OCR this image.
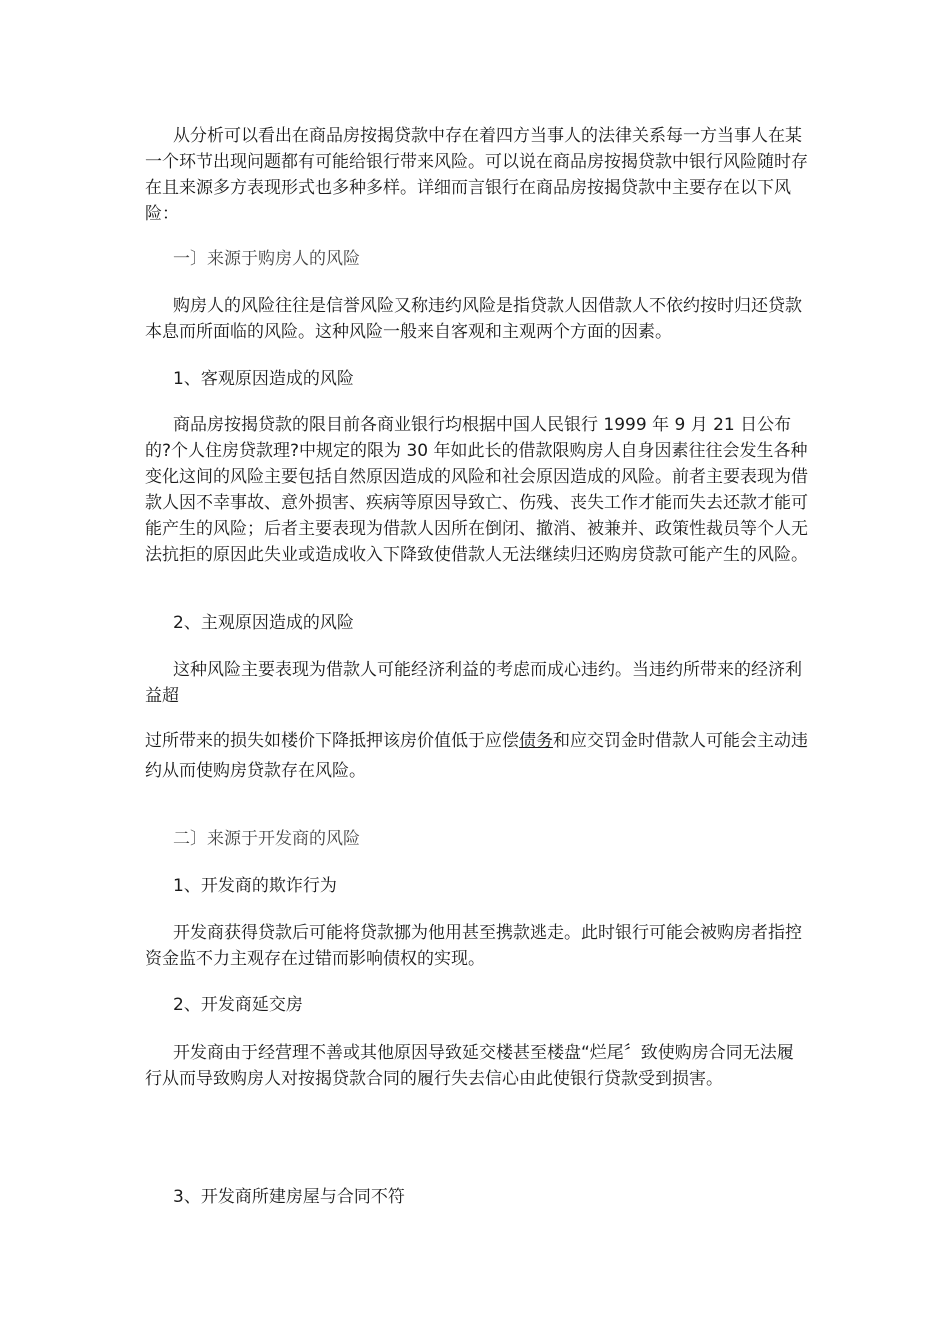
从分析可以看出在商品房按揭贷款中存在着四方当事人的法律关系每一方当事人在某一个环节出现问题都有可能给银行带来风险。可以说在商品房按揭贷款中银行风险随时存在且来源多方表现形式也多种多样。详细而言银行在商品房按揭贷款中主要存在以下风险：

一〕来源于购房人的风险

购房人的风险往往是信誉风险又称违约风险是指贷款人因借款人不依约按时归还贷款本息而所面临的风险。这种风险一般来自客观和主观两个方面的因素。

1、客观原因造成的风险

商品房按揭贷款的限目前各商业银行均根据中国人民银行 1999 年 9 月 21 日公布的?个人住房贷款理?中规定的限为 30 年如此长的借款限购房人自身因素往往会发生各种变化这间的风险主要包括自然原因造成的风险和社会原因造成的风险。前者主要表现为借款人因不幸事故、意外损害、疾病等原因导致亡、伤残、丧失工作才能而失去还款才能可能产生的风险；后者主要表现为借款人因所在倒闭、撤消、被兼并、政策性裁员等个人无法抗拒的原因此失业或造成收入下降致使借款人无法继续归还购房贷款可能产生的风险。

2、主观原因造成的风险

这种风险主要表现为借款人可能经济利益的考虑而成心违约。当违约所带来的经济利益超

过所带来的损失如楼价下降抵押该房价值低于应偿债务和应交罚金时借款人可能会主动违约从而使购房贷款存在风险。

二〕来源于开发商的风险

1、开发商的欺诈行为

开发商获得贷款后可能将贷款挪为他用甚至携款逃走。此时银行可能会被购房者指控资金监不力主观存在过错而影响债权的实现。

2、开发商延交房

开发商由于经营理不善或其他原因导致延交楼甚至楼盘“烂尾〞致使购房合同无法履行从而导致购房人对按揭贷款合同的履行失去信心由此使银行贷款受到损害。

3、开发商所建房屋与合同不符
